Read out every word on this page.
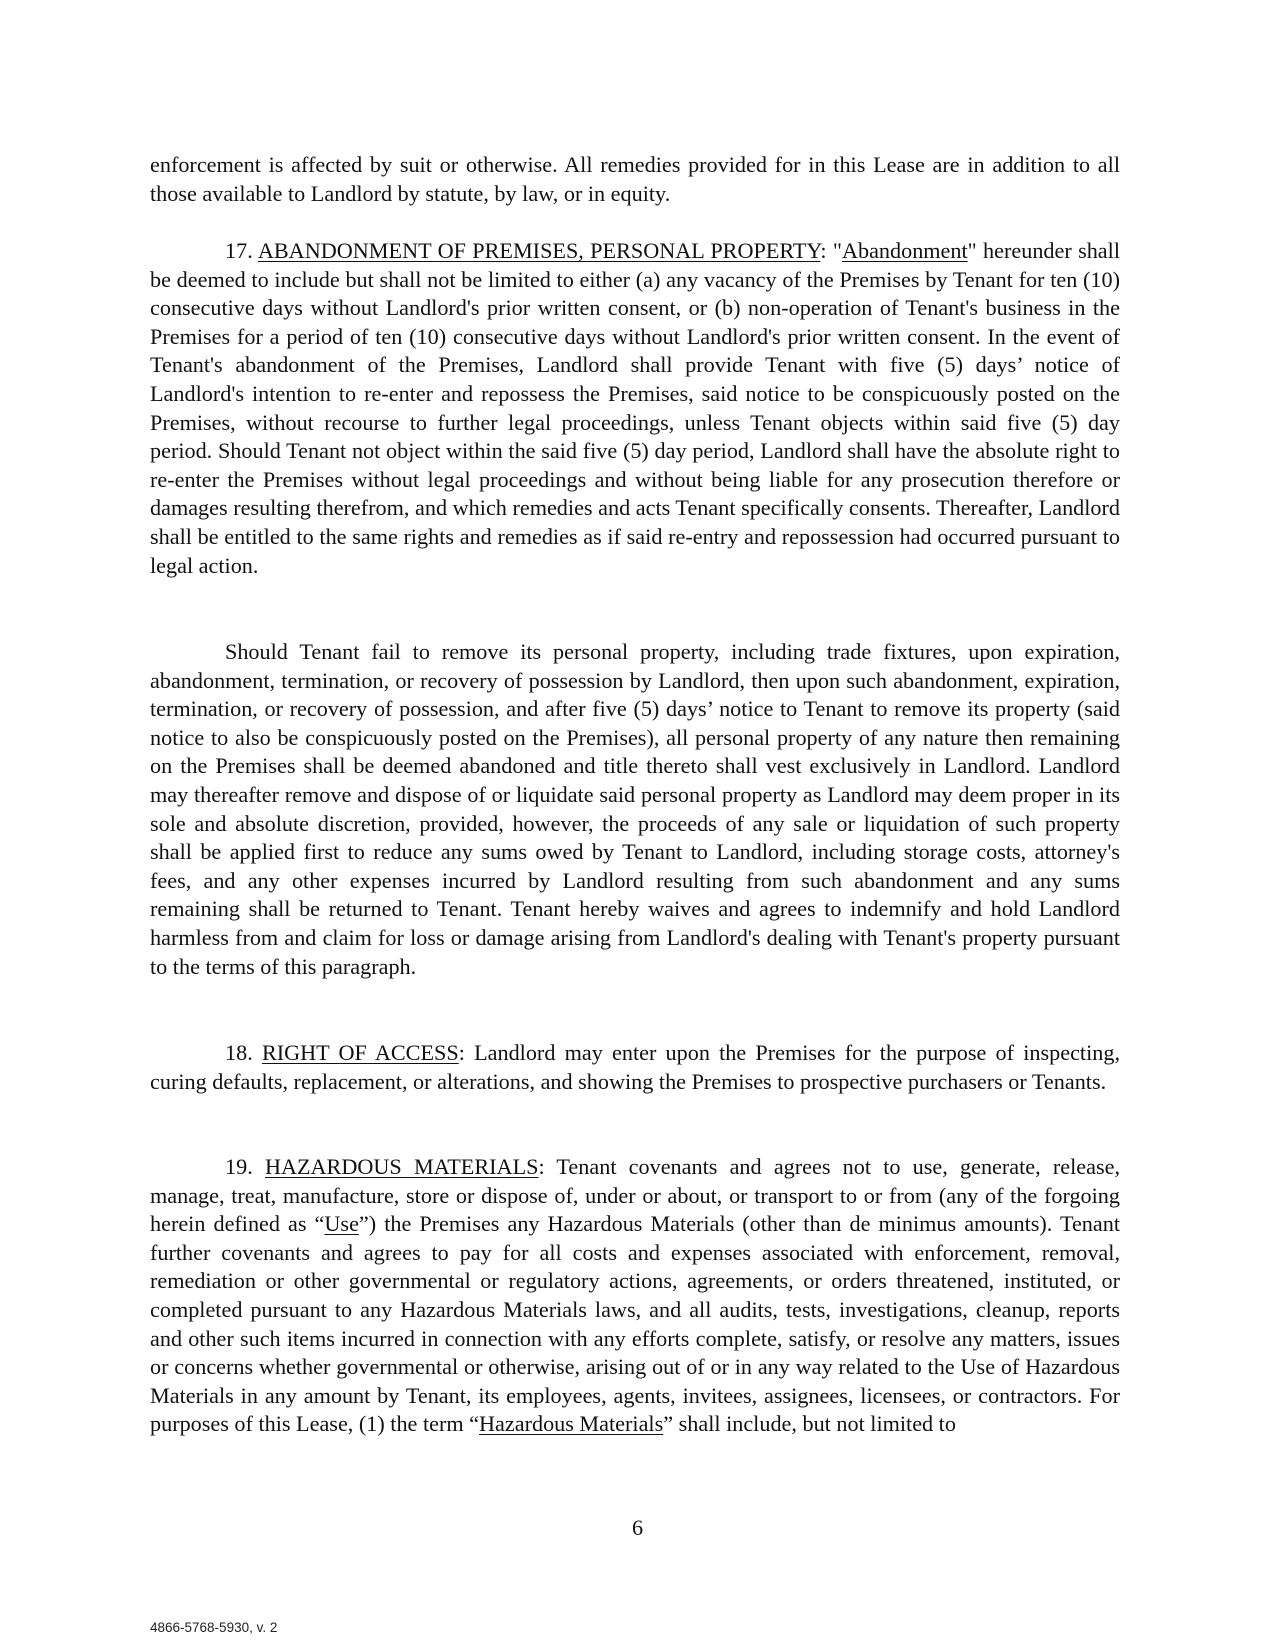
enforcement is affected by suit or otherwise. All remedies provided for in this Lease are in addition to all those available to Landlord by statute, by law, or in equity.

17. ABANDONMENT OF PREMISES, PERSONAL PROPERTY: "Abandonment" hereunder shall be deemed to include but shall not be limited to either (a) any vacancy of the Premises by Tenant for ten (10) consecutive days without Landlord's prior written consent, or (b) non-operation of Tenant's business in the Premises for a period of ten (10) consecutive days without Landlord's prior written consent. In the event of Tenant's abandonment of the Premises, Landlord shall provide Tenant with five (5) days’ notice of Landlord's intention to re-enter and repossess the Premises, said notice to be conspicuously posted on the Premises, without recourse to further legal proceedings, unless Tenant objects within said five (5) day period. Should Tenant not object within the said five (5) day period, Landlord shall have the absolute right to re-enter the Premises without legal proceedings and without being liable for any prosecution therefore or damages resulting therefrom, and which remedies and acts Tenant specifically consents. Thereafter, Landlord shall be entitled to the same rights and remedies as if said re-entry and repossession had occurred pursuant to legal action.

Should Tenant fail to remove its personal property, including trade fixtures, upon expiration, abandonment, termination, or recovery of possession by Landlord, then upon such abandonment, expiration, termination, or recovery of possession, and after five (5) days’ notice to Tenant to remove its property (said notice to also be conspicuously posted on the Premises), all personal property of any nature then remaining on the Premises shall be deemed abandoned and title thereto shall vest exclusively in Landlord. Landlord may thereafter remove and dispose of or liquidate said personal property as Landlord may deem proper in its sole and absolute discretion, provided, however, the proceeds of any sale or liquidation of such property shall be applied first to reduce any sums owed by Tenant to Landlord, including storage costs, attorney's fees, and any other expenses incurred by Landlord resulting from such abandonment and any sums remaining shall be returned to Tenant. Tenant hereby waives and agrees to indemnify and hold Landlord harmless from and claim for loss or damage arising from Landlord's dealing with Tenant's property pursuant to the terms of this paragraph.

18. RIGHT OF ACCESS: Landlord may enter upon the Premises for the purpose of inspecting, curing defaults, replacement, or alterations, and showing the Premises to prospective purchasers or Tenants.

19. HAZARDOUS MATERIALS: Tenant covenants and agrees not to use, generate, release, manage, treat, manufacture, store or dispose of, under or about, or transport to or from (any of the forgoing herein defined as “Use”) the Premises any Hazardous Materials (other than de minimus amounts). Tenant further covenants and agrees to pay for all costs and expenses associated with enforcement, removal, remediation or other governmental or regulatory actions, agreements, or orders threatened, instituted, or completed pursuant to any Hazardous Materials laws, and all audits, tests, investigations, cleanup, reports and other such items incurred in connection with any efforts complete, satisfy, or resolve any matters, issues or concerns whether governmental or otherwise, arising out of or in any way related to the Use of Hazardous Materials in any amount by Tenant, its employees, agents, invitees, assignees, licensees, or contractors. For purposes of this Lease, (1) the term “Hazardous Materials” shall include, but not limited to

6
4866-5768-5930, v. 2
